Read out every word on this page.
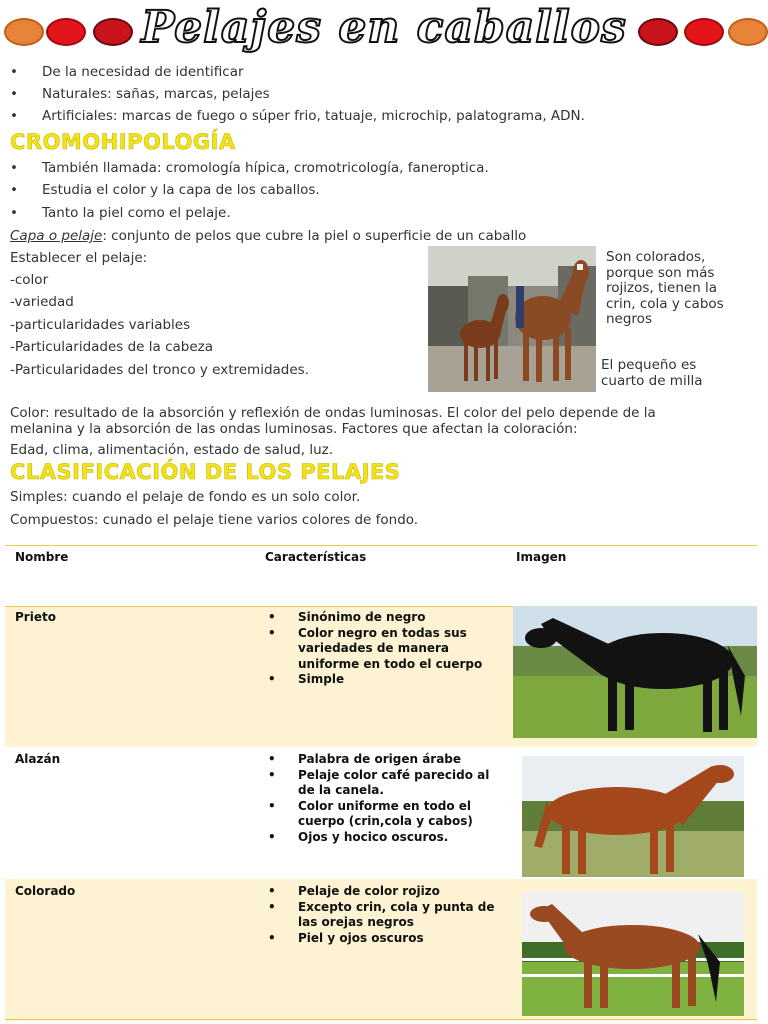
Pelajes en caballos
• De la necesidad de identificar
• Naturales: sañas, marcas, pelajes
• Artificiales: marcas de fuego o súper frio, tatuaje, microchip, palatograma, ADN.
CROMOHIPOLOGÍA
• También llamada: cromología hípica, cromotricología, faneroptica.
• Estudia el color y la capa de los caballos.
• Tanto la piel como el pelaje.
Capa o pelaje: conjunto de pelos que cubre la piel o superficie de un caballo
Establecer el pelaje:
-color
-variedad
-particularidades variables
-Particularidades de la cabeza
-Particularidades del tronco y extremidades.
Son colorados,
porque son más
rojizos, tienen la
crin, cola y cabos
negros
El pequeño es
cuarto de milla
Color: resultado de la absorción y reflexión de ondas luminosas. El color del pelo depende de la
melanina y la absorción de las ondas luminosas. Factores que afectan la coloración:
Edad, clima, alimentación, estado de salud, luz.
CLASIFICACIÓN DE LOS PELAJES
Simples: cuando el pelaje de fondo es un solo color.
Compuestos: cunado el pelaje tiene varios colores de fondo.
Nombre	Características	Imagen
Prieto	• Sinónimo de negro
• Color negro en todas sus variedades de manera uniforme en todo el cuerpo
• Simple
Alazán	• Palabra de origen árabe
• Pelaje color café parecido al de la canela.
• Color uniforme en todo el cuerpo (crin,cola y cabos)
• Ojos y hocico oscuros.
Colorado	• Pelaje de color rojizo
• Excepto crin, cola y punta de las orejas negros
• Piel y ojos oscuros
